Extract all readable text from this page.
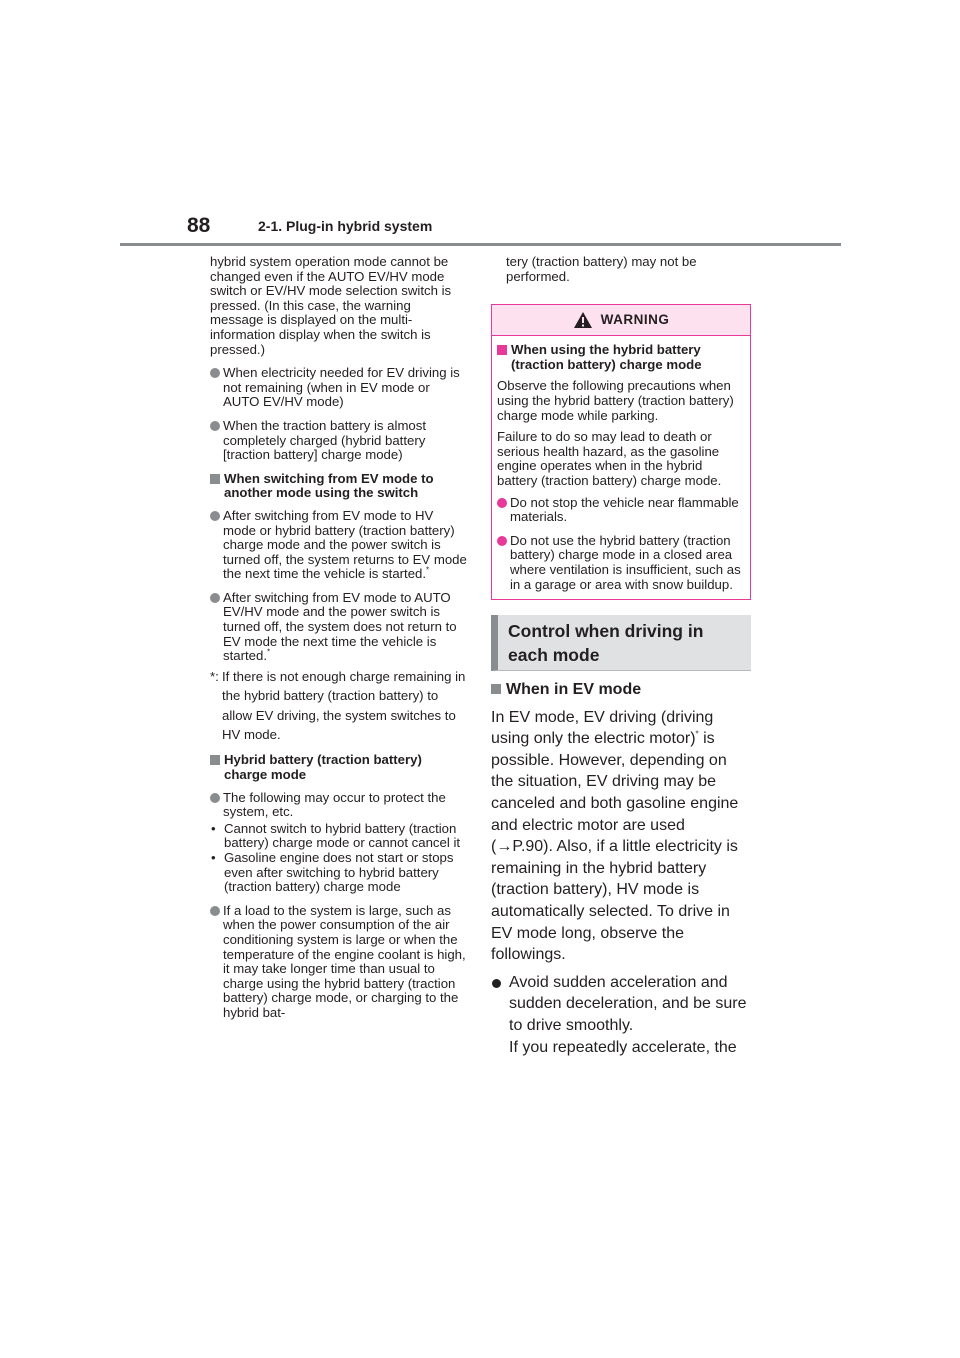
88	2-1. Plug-in hybrid system
hybrid system operation mode cannot be changed even if the AUTO EV/HV mode switch or EV/HV mode selection switch is pressed. (In this case, the warning message is displayed on the multi-information display when the switch is pressed.)
When electricity needed for EV driving is not remaining (when in EV mode or AUTO EV/HV mode)
When the traction battery is almost completely charged (hybrid battery [traction battery] charge mode)
When switching from EV mode to another mode using the switch
After switching from EV mode to HV mode or hybrid battery (traction battery) charge mode and the power switch is turned off, the system returns to EV mode the next time the vehicle is started.*
After switching from EV mode to AUTO EV/HV mode and the power switch is turned off, the system does not return to EV mode the next time the vehicle is started.*
*: If there is not enough charge remaining in the hybrid battery (traction battery) to allow EV driving, the system switches to HV mode.
Hybrid battery (traction battery) charge mode
The following may occur to protect the system, etc.
• Cannot switch to hybrid battery (traction battery) charge mode or cannot cancel it
• Gasoline engine does not start or stops even after switching to hybrid battery (traction battery) charge mode
If a load to the system is large, such as when the power consumption of the air conditioning system is large or when the temperature of the engine coolant is high, it may take longer time than usual to charge using the hybrid battery (traction battery) charge mode, or charging to the hybrid bat-
tery (traction battery) may not be performed.
WARNING
When using the hybrid battery (traction battery) charge mode
Observe the following precautions when using the hybrid battery (traction battery) charge mode while parking.
Failure to do so may lead to death or serious health hazard, as the gasoline engine operates when in the hybrid battery (traction battery) charge mode.
Do not stop the vehicle near flammable materials.
Do not use the hybrid battery (traction battery) charge mode in a closed area where ventilation is insufficient, such as in a garage or area with snow buildup.
Control when driving in each mode
When in EV mode

In EV mode, EV driving (driving using only the electric motor)* is possible. However, depending on the situation, EV driving may be canceled and both gasoline engine and electric motor are used (→P.90). Also, if a little electricity is remaining in the hybrid battery (traction battery), HV mode is automatically selected. To drive in EV mode long, observe the followings.

Avoid sudden acceleration and sudden deceleration, and be sure to drive smoothly.
If you repeatedly accelerate, the
